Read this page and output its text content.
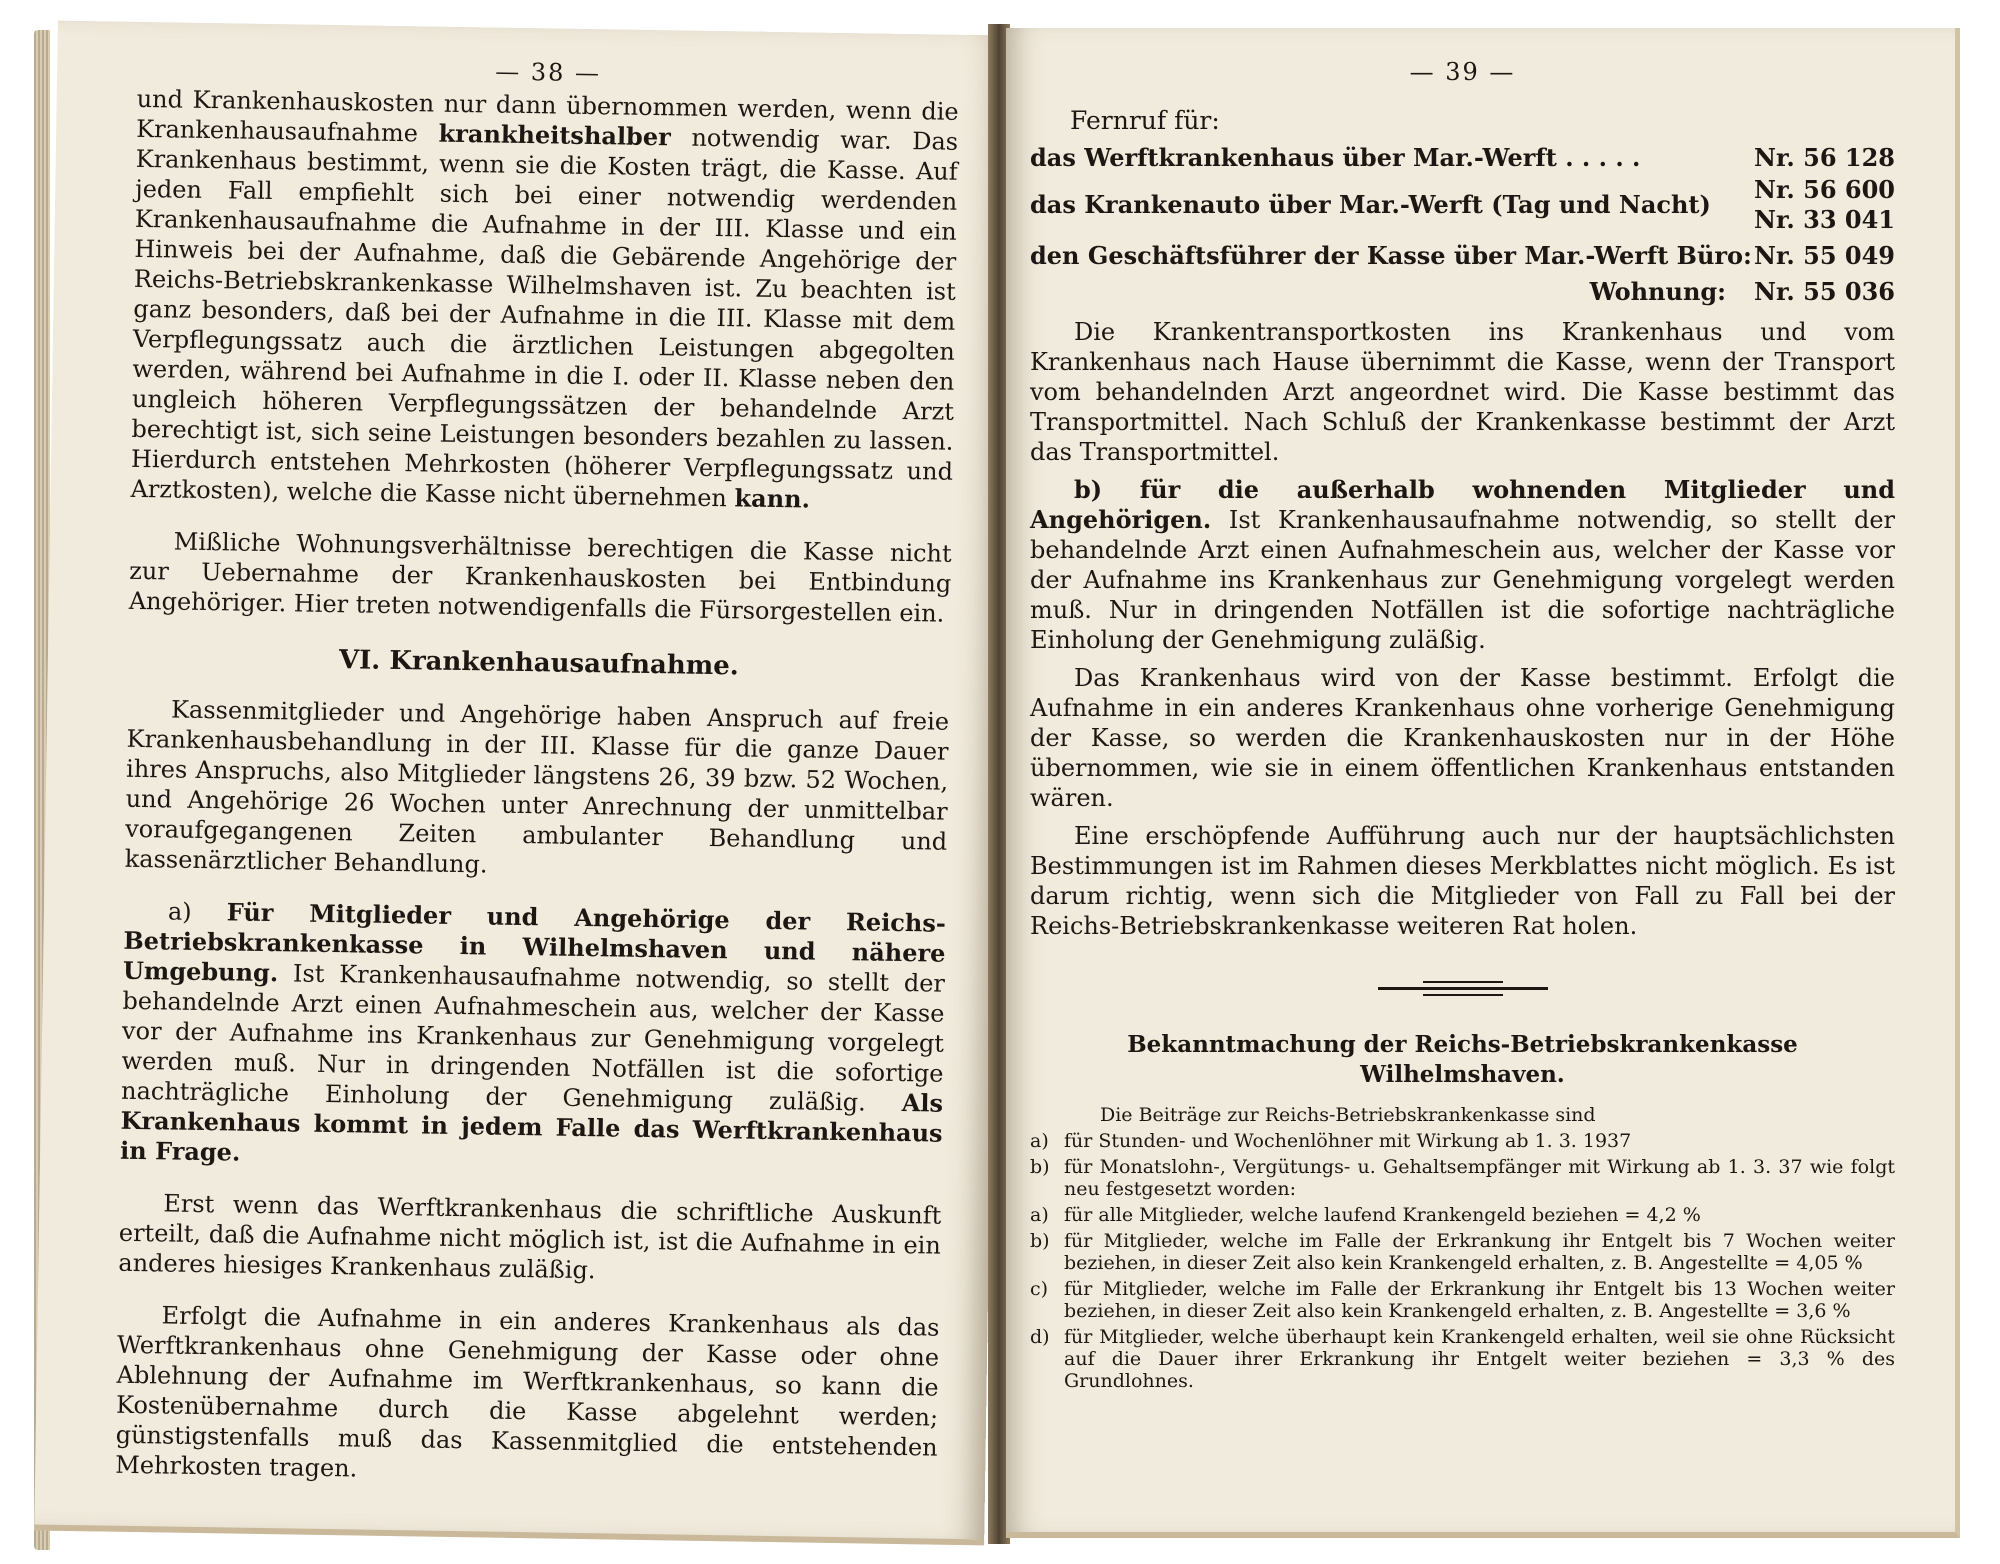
— 38 —

und Krankenhauskosten nur dann übernommen werden, wenn die Krankenhausaufnahme krankheitshalber notwendig war. Das Krankenhaus bestimmt, wenn sie die Kosten trägt, die Kasse. Auf jeden Fall empfiehlt sich bei einer notwendig werdenden Krankenhausaufnahme die Aufnahme in der III. Klasse und ein Hinweis bei der Aufnahme, daß die Gebärende Angehörige der Reichs-Betriebskrankenkasse Wilhelmshaven ist. Zu beachten ist ganz besonders, daß bei der Aufnahme in die III. Klasse mit dem Verpflegungssatz auch die ärztlichen Leistungen abgegolten werden, während bei Aufnahme in die I. oder II. Klasse neben den ungleich höheren Verpflegungssätzen der behandelnde Arzt berechtigt ist, sich seine Leistungen besonders bezahlen zu lassen. Hierdurch entstehen Mehrkosten (höherer Verpflegungssatz und Arztkosten), welche die Kasse nicht übernehmen kann.

Mißliche Wohnungsverhältnisse berechtigen die Kasse nicht zur Uebernahme der Krankenhauskosten bei Entbindung Angehöriger. Hier treten notwendigenfalls die Fürsorgestellen ein.

VI. Krankenhausaufnahme.

Kassenmitglieder und Angehörige haben Anspruch auf freie Krankenhausbehandlung in der III. Klasse für die ganze Dauer ihres Anspruchs, also Mitglieder längstens 26, 39 bzw. 52 Wochen, und Angehörige 26 Wochen unter Anrechnung der unmittelbar voraufgegangenen Zeiten ambulanter Behandlung und kassenärztlicher Behandlung.

a) Für Mitglieder und Angehörige der Reichs-Betriebskrankenkasse in Wilhelmshaven und nähere Umgebung. Ist Krankenhausaufnahme notwendig, so stellt der behandelnde Arzt einen Aufnahmeschein aus, welcher der Kasse vor der Aufnahme ins Krankenhaus zur Genehmigung vorgelegt werden muß. Nur in dringenden Notfällen ist die sofortige nachträgliche Einholung der Genehmigung zuläßig. Als Krankenhaus kommt in jedem Falle das Werftkrankenhaus in Frage.

Erst wenn das Werftkrankenhaus die schriftliche Auskunft erteilt, daß die Aufnahme nicht möglich ist, ist die Aufnahme in ein anderes hiesiges Krankenhaus zuläßig.

Erfolgt die Aufnahme in ein anderes Krankenhaus als das Werftkrankenhaus ohne Genehmigung der Kasse oder ohne Ablehnung der Aufnahme im Werftkrankenhaus, so kann die Kostenübernahme durch die Kasse abgelehnt werden; günstigstenfalls muß das Kassenmitglied die entstehenden Mehrkosten tragen.

— 39 —
Fernruf für:
das Werftkrankenhaus über Mar.-Werft . . . . .	Nr. 56 128
das Krankenauto über Mar.-Werft (Tag und Nacht)
Nr. 56 600
Nr. 33 041
den Geschäftsführer der Kasse über Mar.-Werft Büro: Nr. 55 049
Wohnung:	Nr. 55 036

Die Krankentransportkosten ins Krankenhaus und vom Krankenhaus nach Hause übernimmt die Kasse, wenn der Transport vom behandelnden Arzt angeordnet wird. Die Kasse bestimmt das Transportmittel. Nach Schluß der Krankenkasse bestimmt der Arzt das Transportmittel.

b) für die außerhalb wohnenden Mitglieder und Angehörigen. Ist Krankenhausaufnahme notwendig, so stellt der behandelnde Arzt einen Aufnahmeschein aus, welcher der Kasse vor der Aufnahme ins Krankenhaus zur Genehmigung vorgelegt werden muß. Nur in dringenden Notfällen ist die sofortige nachträgliche Einholung der Genehmigung zuläßig.

Das Krankenhaus wird von der Kasse bestimmt. Erfolgt die Aufnahme in ein anderes Krankenhaus ohne vorherige Genehmigung der Kasse, so werden die Krankenhauskosten nur in der Höhe übernommen, wie sie in einem öffentlichen Krankenhaus entstanden wären.

Eine erschöpfende Aufführung auch nur der hauptsächlichsten Bestimmungen ist im Rahmen dieses Merkblattes nicht möglich. Es ist darum richtig, wenn sich die Mitglieder von Fall zu Fall bei der Reichs-Betriebskrankenkasse weiteren Rat holen.

Bekanntmachung der Reichs-Betriebskrankenkasse Wilhelmshaven.

Die Beiträge zur Reichs-Betriebskrankenkasse sind

a) für Stunden- und Wochenlöhner mit Wirkung ab 1. 3. 1937

b) für Monatslohn-, Vergütungs- u. Gehaltsempfänger mit Wirkung ab 1. 3. 37 wie folgt neu festgesetzt worden:

a) für alle Mitglieder, welche laufend Krankengeld beziehen = 4,2 %

b) für Mitglieder, welche im Falle der Erkrankung ihr Entgelt bis 7 Wochen weiter beziehen, in dieser Zeit also kein Krankengeld erhalten, z. B. Angestellte = 4,05 %

c) für Mitglieder, welche im Falle der Erkrankung ihr Entgelt bis 13 Wochen weiter beziehen, in dieser Zeit also kein Krankengeld erhalten, z. B. Angestellte = 3,6 %

d) für Mitglieder, welche überhaupt kein Krankengeld erhalten, weil sie ohne Rücksicht auf die Dauer ihrer Erkrankung ihr Entgelt weiter beziehen = 3,3 % des Grundlohnes.
